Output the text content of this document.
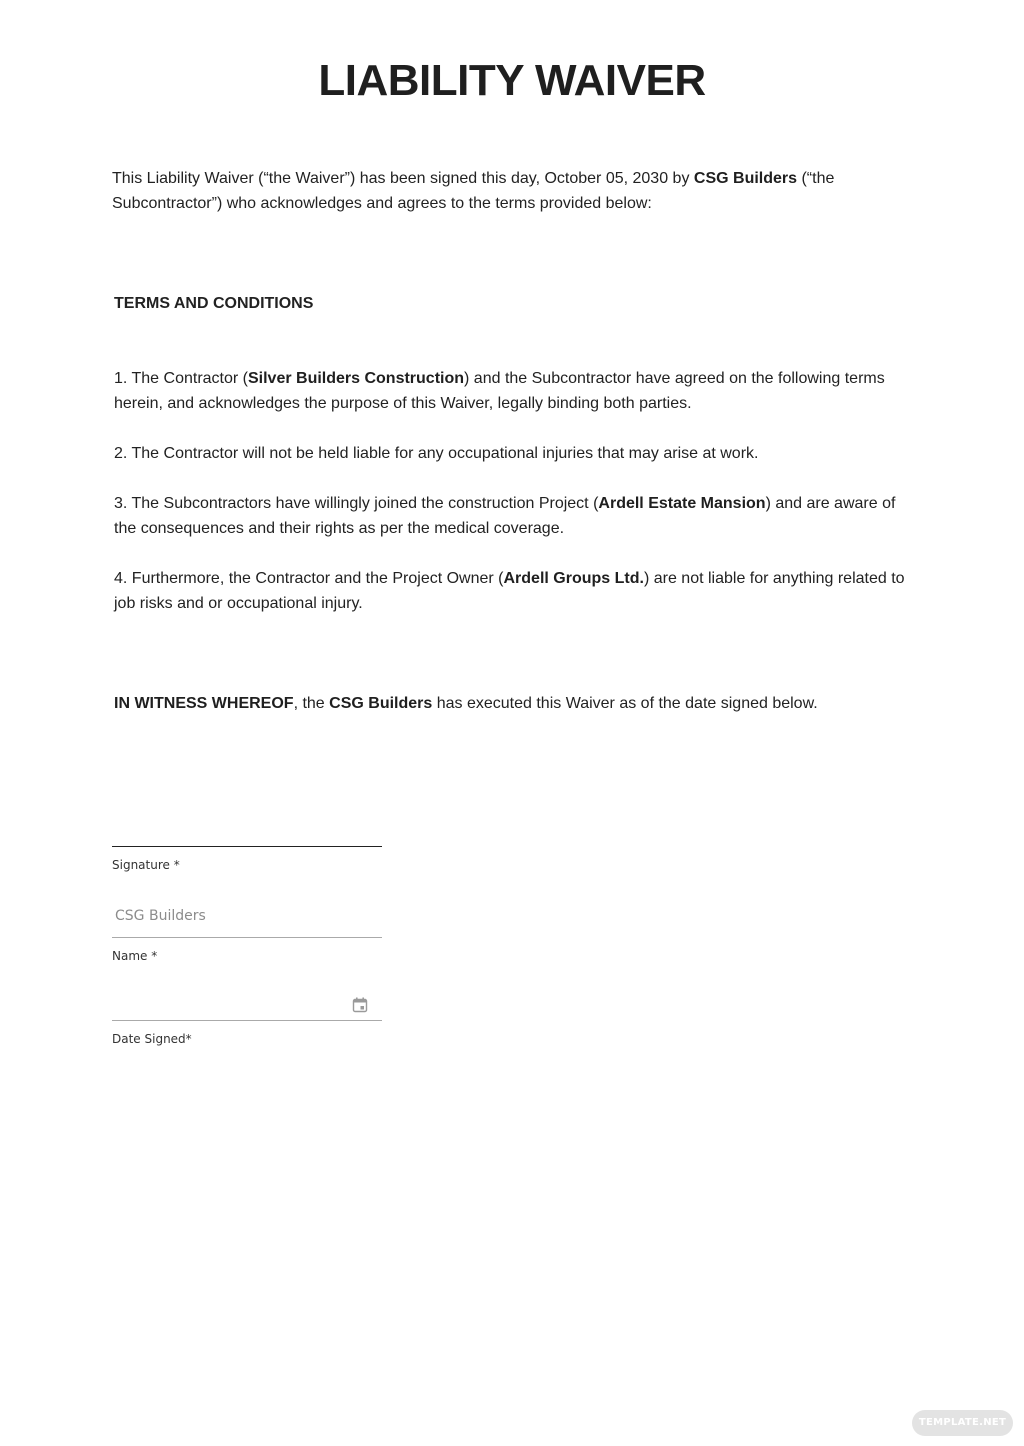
LIABILITY WAIVER

This Liability Waiver (“the Waiver”) has been signed this day, October 05, 2030 by CSG Builders (“the Subcontractor”) who acknowledges and agrees to the terms provided below:

TERMS AND CONDITIONS

1. The Contractor (Silver Builders Construction) and the Subcontractor have agreed on the following terms herein, and acknowledges the purpose of this Waiver, legally binding both parties.

2. The Contractor will not be held liable for any occupational injuries that may arise at work.

3. The Subcontractors have willingly joined the construction Project (Ardell Estate Mansion) and are aware of the consequences and their rights as per the medical coverage.

4. Furthermore, the Contractor and the Project Owner (Ardell Groups Ltd.) are not liable for anything related to job risks and or occupational injury.

IN WITNESS WHEREOF, the CSG Builders has executed this Waiver as of the date signed below.

Signature *
CSG Builders
Name *
Date Signed*
TEMPLATE.NET
